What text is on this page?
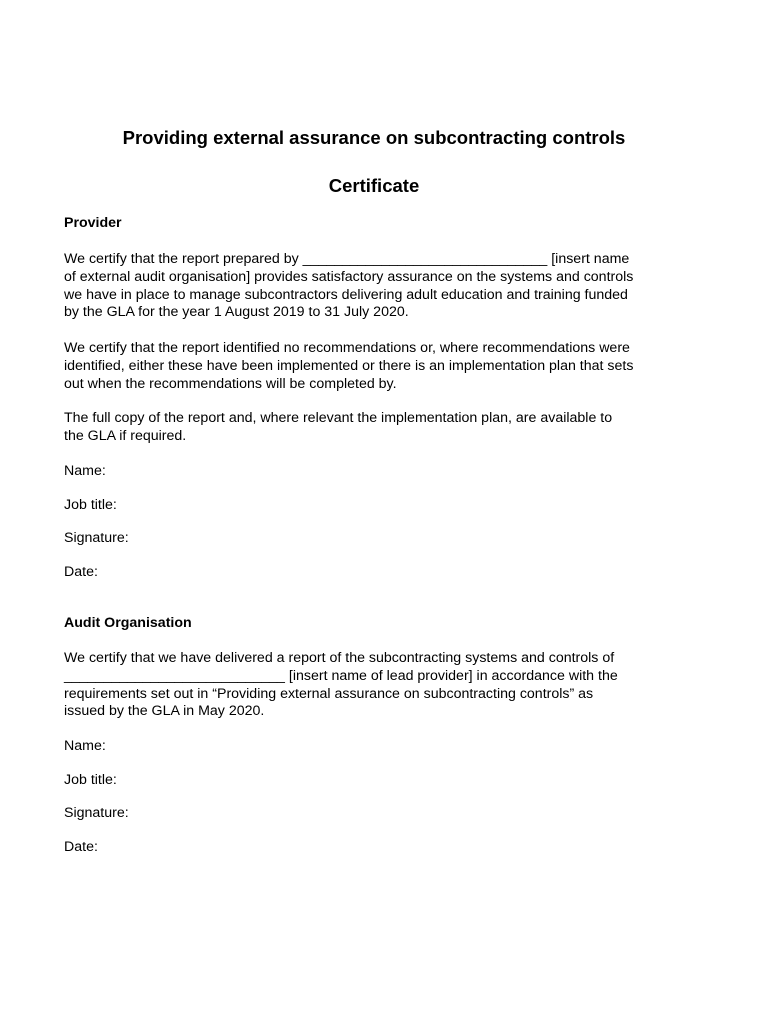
Providing external assurance on subcontracting controls
Certificate
Provider
We certify that the report prepared by _______________________________ [insert name
of external audit organisation] provides satisfactory assurance on the systems and controls
we have in place to manage subcontractors delivering adult education and training funded
by the GLA for the year 1 August 2019 to 31 July 2020.
We certify that the report identified no recommendations or, where recommendations were
identified, either these have been implemented or there is an implementation plan that sets
out when the recommendations will be completed by.
The full copy of the report and, where relevant the implementation plan, are available to
the GLA if required.
Name:
Job title:
Signature:
Date:
Audit Organisation
We certify that we have delivered a report of the subcontracting systems and controls of
____________________________ [insert name of lead provider] in accordance with the
requirements set out in “Providing external assurance on subcontracting controls” as
issued by the GLA in May 2020.
Name:
Job title:
Signature:
Date:
